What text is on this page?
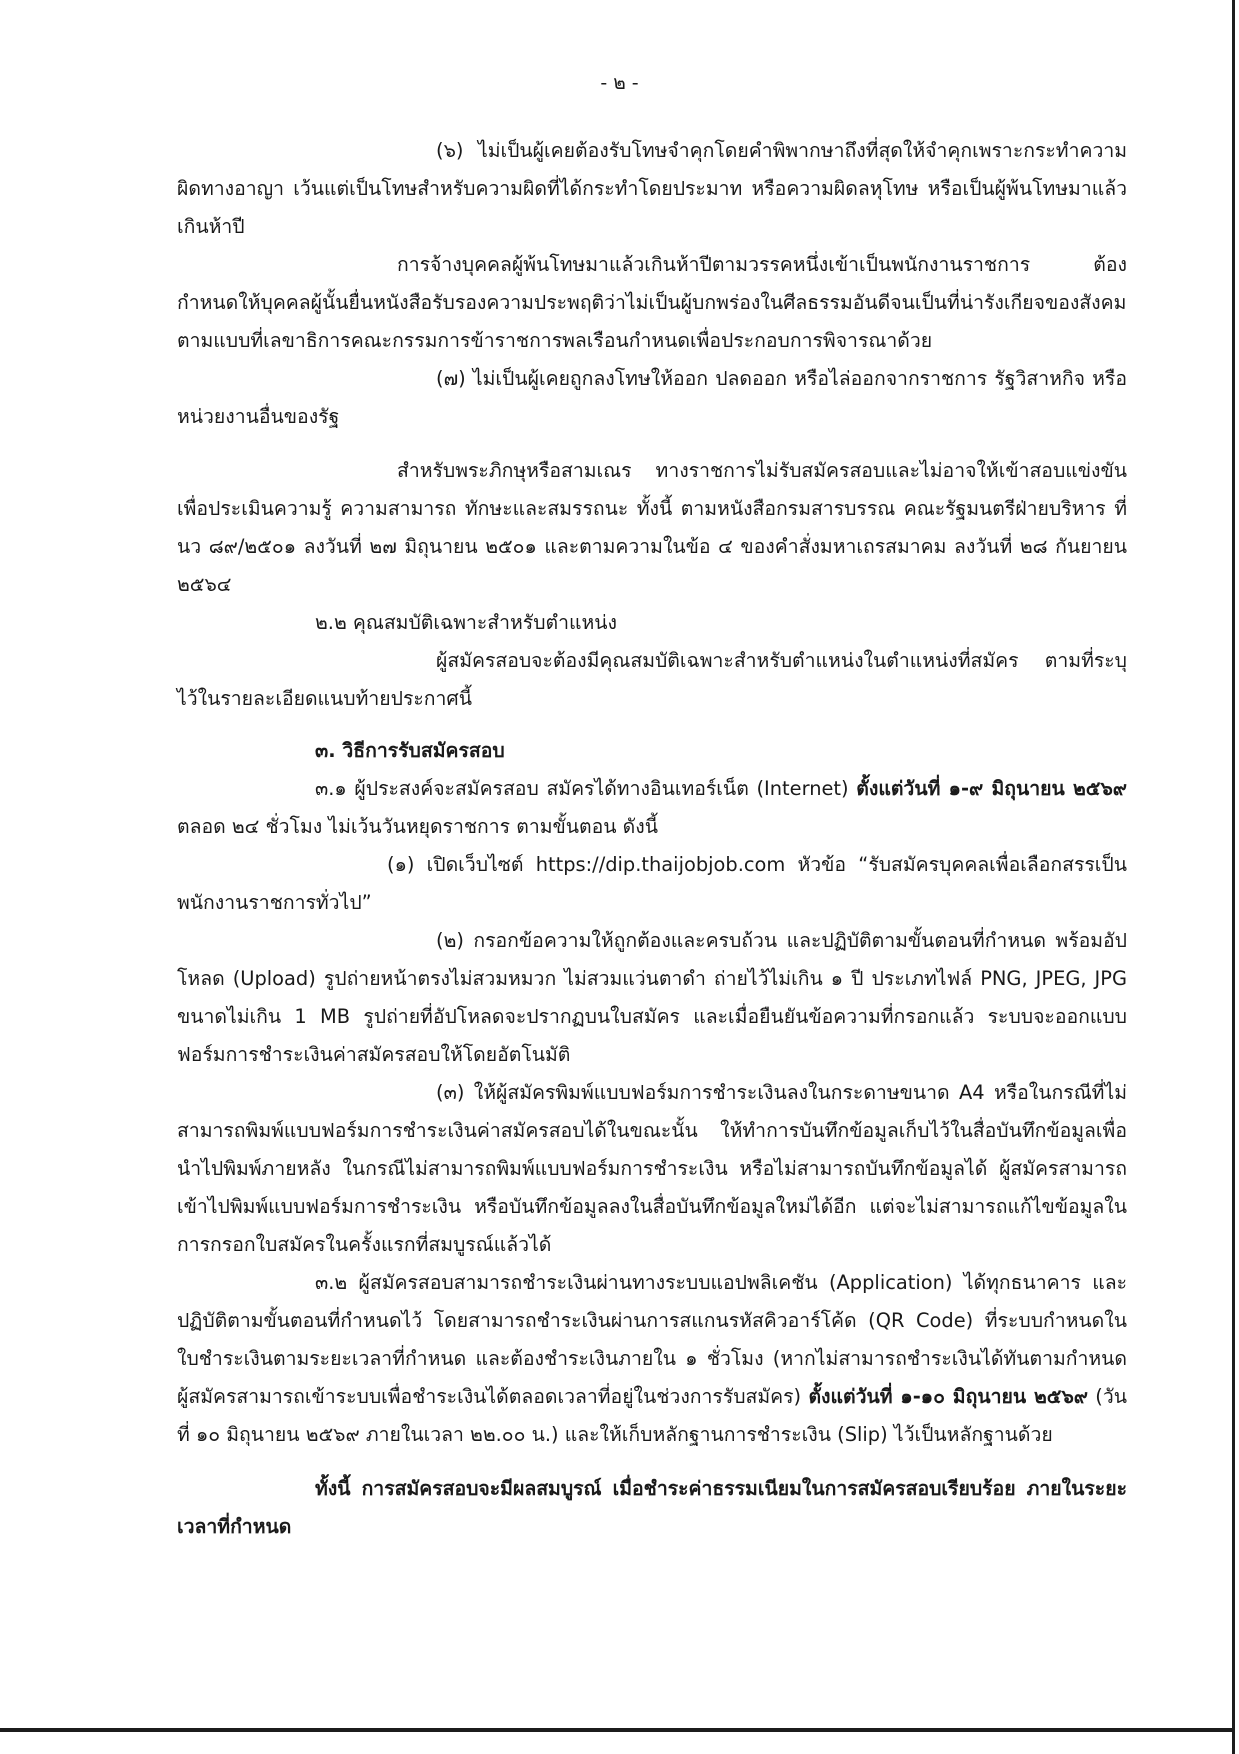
- ๒ -

(๖) ไม่เป็นผู้เคยต้องรับโทษจำคุกโดยคำพิพากษาถึงที่สุดให้จำคุกเพราะกระทำความผิดทางอาญา เว้นแต่เป็นโทษสำหรับความผิดที่ได้กระทำโดยประมาท หรือความผิดลหุโทษ หรือเป็นผู้พ้นโทษมาแล้วเกินห้าปี

การจ้างบุคคลผู้พ้นโทษมาแล้วเกินห้าปีตามวรรคหนึ่งเข้าเป็นพนักงานราชการ ต้องกำหนดให้บุคคลผู้นั้นยื่นหนังสือรับรองความประพฤติว่าไม่เป็นผู้บกพร่องในศีลธรรมอันดีจนเป็นที่น่ารังเกียจของสังคมตามแบบที่เลขาธิการคณะกรรมการข้าราชการพลเรือนกำหนดเพื่อประกอบการพิจารณาด้วย

(๗) ไม่เป็นผู้เคยถูกลงโทษให้ออก ปลดออก หรือไล่ออกจากราชการ รัฐวิสาหกิจ หรือหน่วยงานอื่นของรัฐ

สำหรับพระภิกษุหรือสามเณร ทางราชการไม่รับสมัครสอบและไม่อาจให้เข้าสอบแข่งขันเพื่อประเมินความรู้ ความสามารถ ทักษะและสมรรถนะ ทั้งนี้ ตามหนังสือกรมสารบรรณ คณะรัฐมนตรีฝ่ายบริหาร ที่ นว ๘๙/๒๕๐๑ ลงวันที่ ๒๗ มิถุนายน ๒๕๐๑ และตามความในข้อ ๔ ของคำสั่งมหาเถรสมาคม ลงวันที่ ๒๘ กันยายน ๒๕๖๔

๒.๒ คุณสมบัติเฉพาะสำหรับตำแหน่ง

ผู้สมัครสอบจะต้องมีคุณสมบัติเฉพาะสำหรับตำแหน่งในตำแหน่งที่สมัคร ตามที่ระบุไว้ในรายละเอียดแนบท้ายประกาศนี้

๓. วิธีการรับสมัครสอบ

๓.๑ ผู้ประสงค์จะสมัครสอบ สมัครได้ทางอินเทอร์เน็ต (Internet) ตั้งแต่วันที่ ๑-๙ มิถุนายน ๒๕๖๙ ตลอด ๒๔ ชั่วโมง ไม่เว้นวันหยุดราชการ ตามขั้นตอน ดังนี้

(๑) เปิดเว็บไซต์ https://dip.thaijobjob.com หัวข้อ “รับสมัครบุคคลเพื่อเลือกสรรเป็นพนักงานราชการทั่วไป”

(๒) กรอกข้อความให้ถูกต้องและครบถ้วน และปฏิบัติตามขั้นตอนที่กำหนด พร้อมอัปโหลด (Upload) รูปถ่ายหน้าตรงไม่สวมหมวก ไม่สวมแว่นตาดำ ถ่ายไว้ไม่เกิน ๑ ปี ประเภทไฟล์ PNG, JPEG, JPG ขนาดไม่เกิน 1 MB รูปถ่ายที่อัปโหลดจะปรากฏบนใบสมัคร และเมื่อยืนยันข้อความที่กรอกแล้ว ระบบจะออกแบบฟอร์มการชำระเงินค่าสมัครสอบให้โดยอัตโนมัติ

(๓) ให้ผู้สมัครพิมพ์แบบฟอร์มการชำระเงินลงในกระดาษขนาด A4 หรือในกรณีที่ไม่สามารถพิมพ์แบบฟอร์มการชำระเงินค่าสมัครสอบได้ในขณะนั้น ให้ทำการบันทึกข้อมูลเก็บไว้ในสื่อบันทึกข้อมูลเพื่อนำไปพิมพ์ภายหลัง ในกรณีไม่สามารถพิมพ์แบบฟอร์มการชำระเงิน หรือไม่สามารถบันทึกข้อมูลได้ ผู้สมัครสามารถเข้าไปพิมพ์แบบฟอร์มการชำระเงิน หรือบันทึกข้อมูลลงในสื่อบันทึกข้อมูลใหม่ได้อีก แต่จะไม่สามารถแก้ไขข้อมูลในการกรอกใบสมัครในครั้งแรกที่สมบูรณ์แล้วได้

๓.๒ ผู้สมัครสอบสามารถชำระเงินผ่านทางระบบแอปพลิเคชัน (Application) ได้ทุกธนาคาร และปฏิบัติตามขั้นตอนที่กำหนดไว้ โดยสามารถชำระเงินผ่านการสแกนรหัสคิวอาร์โค้ด (QR Code) ที่ระบบกำหนดในใบชำระเงินตามระยะเวลาที่กำหนด และต้องชำระเงินภายใน ๑ ชั่วโมง (หากไม่สามารถชำระเงินได้ทันตามกำหนด ผู้สมัครสามารถเข้าระบบเพื่อชำระเงินได้ตลอดเวลาที่อยู่ในช่วงการรับสมัคร) ตั้งแต่วันที่ ๑-๑๐ มิถุนายน ๒๕๖๙ (วันที่ ๑๐ มิถุนายน ๒๕๖๙ ภายในเวลา ๒๒.๐๐ น.) และให้เก็บหลักฐานการชำระเงิน (Slip) ไว้เป็นหลักฐานด้วย

ทั้งนี้ การสมัครสอบจะมีผลสมบูรณ์ เมื่อชำระค่าธรรมเนียมในการสมัครสอบเรียบร้อย ภายในระยะเวลาที่กำหนด
